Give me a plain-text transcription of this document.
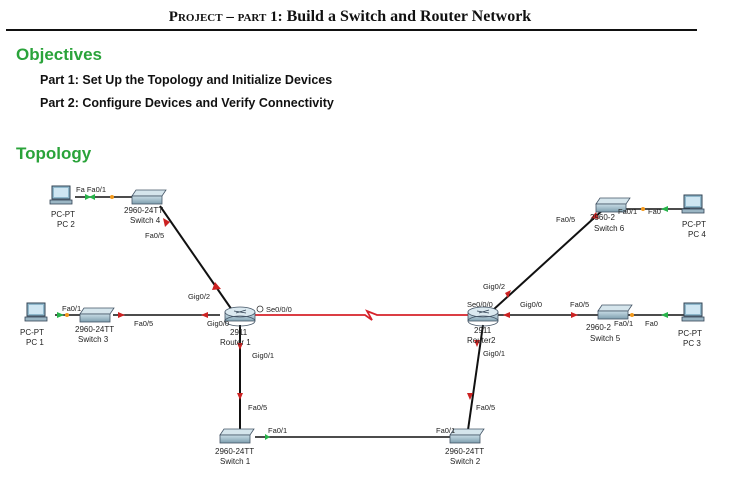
Project – part 1: Build a Switch and Router Network
Objectives
Part 1: Set Up the Topology and Initialize Devices
Part 2: Configure Devices and Verify Connectivity
Topology
PC-PT
PC 2
PC-PT
PC 1
PC-PT
PC 4
PC-PT
PC 3
2960-24TT
Switch 4
2960-24TT
Switch 3
2960-2
Switch 6
2960-2
Switch 5
2960-24TT
Switch 1
2960-24TT
Switch 2
2911
Router 1
2911
Router2
Fa Fa0/1
Fa0/5
Gig0/2
Se0/0/0
Gig0/0
Gig0/1
Fa0/1
Fa0/5
Fa0/5
Fa0/1
Gig0/2
Se0/0/0	Gig0/0
Gig0/1
Fa0/5
Fa0/1 Fa0
Fa0/5
Fa0/1 Fa0
Fa0/5
Fa0/1
